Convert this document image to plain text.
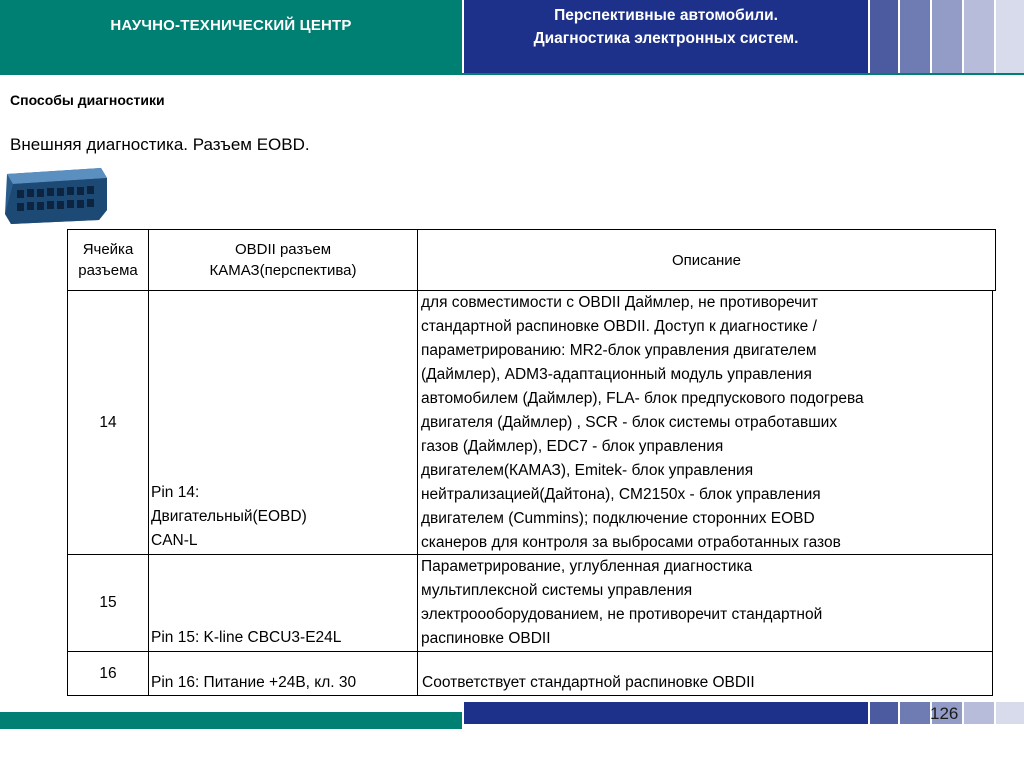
НАУЧНО-ТЕХНИЧЕСКИЙ ЦЕНТР
Перспективные автомобили.
Диагностика электронных систем.
Способы диагностики
Внешняя диагностика. Разъем EOBD.
Ячейка
разъема
OBDII разъем
КАМАЗ(перспектива)
Описание
14
Pin 14:
Двигательный(EOBD)
CAN-L
для совместимости с OBDII Даймлер, не противоречит
стандартной распиновке OBDII. Доступ к диагностике /
параметрированию: MR2-блок управления двигателем
(Даймлер), ADM3-адаптационный модуль управления
автомобилем (Даймлер), FLA- блок предпускового подогрева
двигателя (Даймлер) , SCR - блок системы отработавших
газов (Даймлер), EDC7 - блок управления
двигателем(КАМАЗ), Emitek- блок управления
нейтрализацией(Дайтона), CM2150x - блок управления
двигателем (Cummins); подключение сторонних EOBD
сканеров для контроля за выбросами отработанных газов
15
Pin 15: K-line CBCU3-E24L
Параметрирование, углубленная диагностика
мультиплексной системы управления
электроооборудованием, не противоречит стандартной
распиновке OBDII
16
Pin 16: Питание +24В, кл. 30	Соответствует стандартной распиновке OBDII
126
